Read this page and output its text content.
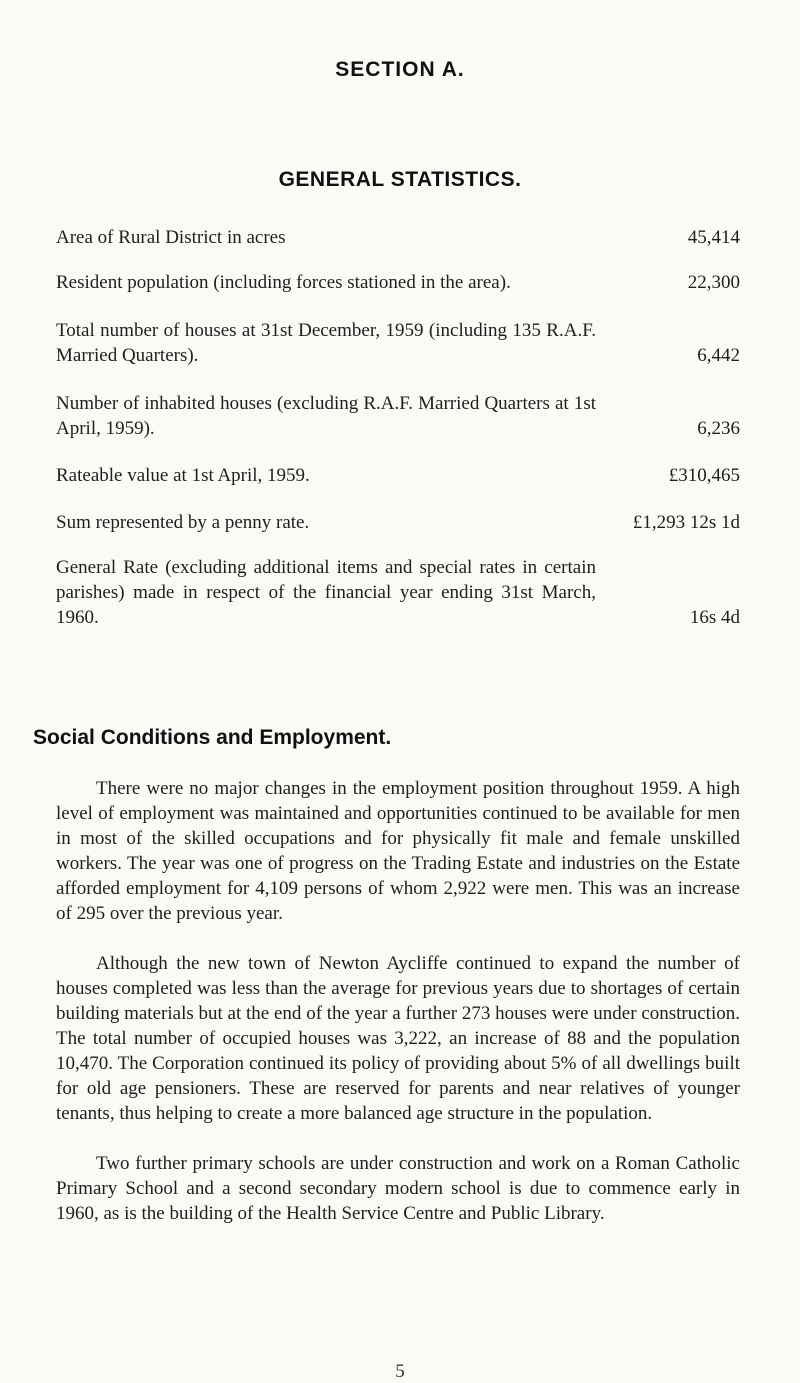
SECTION A.
GENERAL STATISTICS.
Area of Rural District in acres	45,414
Resident population (including forces stationed in the area).	22,300
Total number of houses at 31st December, 1959 (including 135 R.A.F. Married Quarters).	6,442
Number of inhabited houses (excluding R.A.F. Married Quarters at 1st April, 1959).	6,236
Rateable value at 1st April, 1959.	£310,465
Sum represented by a penny rate.	£1,293 12s 1d
General Rate (excluding additional items and special rates in certain parishes) made in respect of the financial year ending 31st March, 1960.	16s 4d
Social Conditions and Employment.

There were no major changes in the employment position throughout 1959. A high level of employment was maintained and opportunities continued to be available for men in most of the skilled occupations and for physically fit male and female unskilled workers. The year was one of progress on the Trading Estate and industries on the Estate afforded employment for 4,109 persons of whom 2,922 were men. This was an increase of 295 over the previous year.

Although the new town of Newton Aycliffe continued to expand the number of houses completed was less than the average for previous years due to shortages of certain building materials but at the end of the year a further 273 houses were under construction. The total number of occupied houses was 3,222, an increase of 88 and the population 10,470. The Corporation continued its policy of providing about 5% of all dwellings built for old age pensioners. These are reserved for parents and near relatives of younger tenants, thus helping to create a more balanced age structure in the population.

Two further primary schools are under construction and work on a Roman Catholic Primary School and a second secondary modern school is due to commence early in 1960, as is the building of the Health Service Centre and Public Library.

5
